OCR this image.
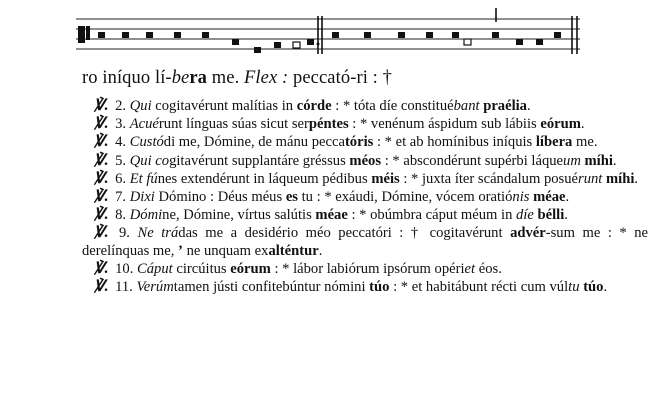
ro iníquo lí-bera me. Flex : peccató-ri : †

℣. 2. Qui cogitavérunt malítias in córde : * tóta díe constituébant praélia.

℣. 3. Acuérunt línguas súas sicut serpéntes : * venénum áspidum sub lábiis eórum.

℣. 4. Custódi me, Dómine, de mánu peccatóris : * et ab homínibus iníquis líbera me.

℣. 5. Qui cogitavérunt supplantáre gréssus méos : * abscondérunt supérbi láqueum míhi.

℣. 6. Et fúnes extendérunt in láqueum pédibus méis : * juxta íter scándalum posuérunt míhi.

℣. 7. Dixi Dómino : Déus méus es tu : * exáudi, Dómine, vócem oratiónis méae.

℣. 8. Dómine, Dómine, vírtus salútis méae : * obúmbra cáput méum in díe bélli.

℣. 9. Ne trádas me a desidério méo peccatóri : † cogitavérunt advér-sum me : * ne derelínquas me, ’ ne unquam exalténtur.

℣. 10. Cáput circúitus eórum : * lábor labiórum ipsórum opériet éos.

℣. 11. Verúmtamen jústi confitebúntur nómini túo : * et habitábunt récti cum vúltu túo.
